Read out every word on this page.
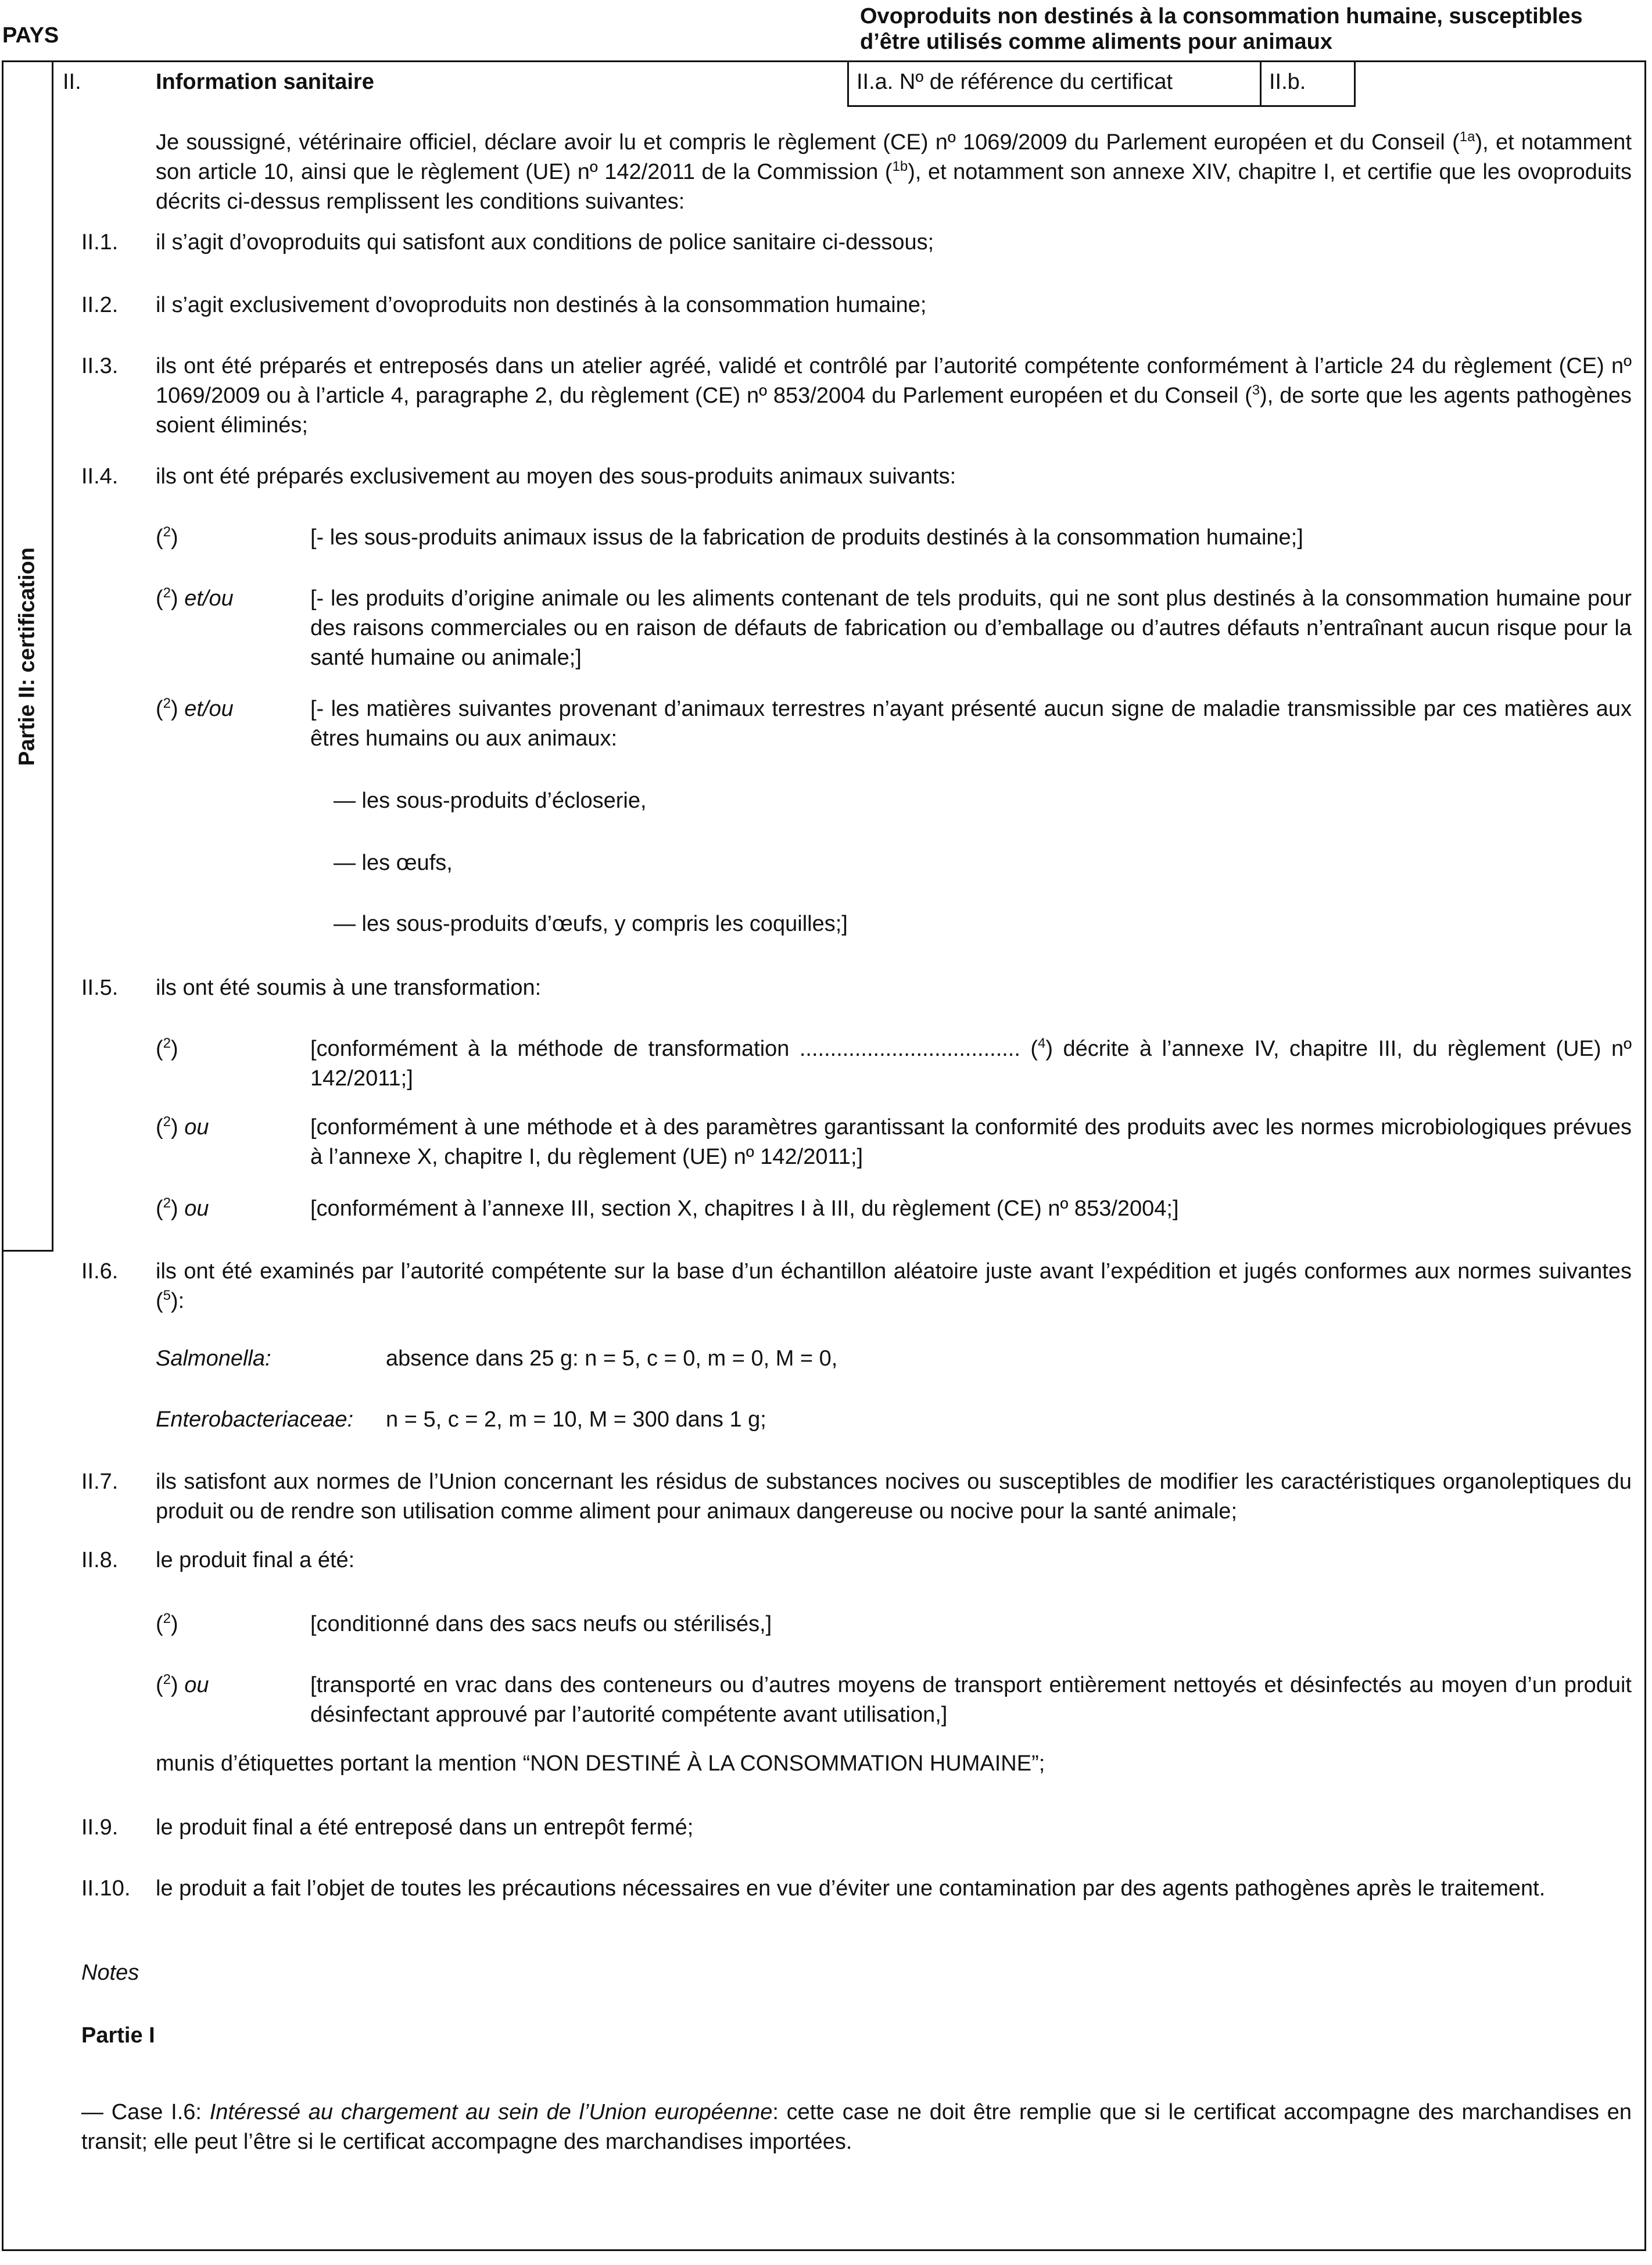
PAYS
Ovoproduits non destinés à la consommation humaine, susceptibles
d’être utilisés comme aliments pour animaux
Partie II: certification
II.	Information sanitaire	II.a. Nº de référence du certificat	II.b.
Je soussigné, vétérinaire officiel, déclare avoir lu et compris le règlement (CE) nº 1069/2009 du Parlement européen et du Conseil ($^{1a}$), et notamment son article 10, ainsi que le règlement (UE) nº 142/2011 de la Commission ($^{1b}$), et notamment son annexe XIV, chapitre I, et certifie que les ovoproduits décrits ci-dessus remplissent les conditions suivantes:
II.1. il s’agit d’ovoproduits qui satisfont aux conditions de police sanitaire ci-dessous;
II.2. il s’agit exclusivement d’ovoproduits non destinés à la consommation humaine;
II.3. ils ont été préparés et entreposés dans un atelier agréé, validé et contrôlé par l’autorité compétente conformément à l’article 24 du règlement (CE) nº 1069/2009 ou à l’article 4, paragraphe 2, du règlement (CE) nº 853/2004 du Parlement européen et du Conseil ($^3$), de sorte que les agents pathogènes soient éliminés;
II.4. ils ont été préparés exclusivement au moyen des sous-produits animaux suivants:
($^2$)	[- les sous-produits animaux issus de la fabrication de produits destinés à la consommation humaine;]
($^2$) et/ou	[- les produits d’origine animale ou les aliments contenant de tels produits, qui ne sont plus destinés à la consommation humaine pour des raisons commerciales ou en raison de défauts de fabrication ou d’emballage ou d’autres défauts n’entraînant aucun risque pour la santé humaine ou animale;]
($^2$) et/ou	[- les matières suivantes provenant d’animaux terrestres n’ayant présenté aucun signe de maladie transmissible par ces matières aux êtres humains ou aux animaux:
— les sous-produits d’écloserie,
— les œufs,
— les sous-produits d’œufs, y compris les coquilles;]
II.5. ils ont été soumis à une transformation:
($^2$)	[conformément à la méthode de transformation .................................... ($^4$) décrite à l’annexe IV, chapitre III, du règlement (UE) nº 142/2011;]
($^2$) ou	[conformément à une méthode et à des paramètres garantissant la conformité des produits avec les normes microbiologiques prévues à l’annexe X, chapitre I, du règlement (UE) nº 142/2011;]
($^2$) ou	[conformément à l’annexe III, section X, chapitres I à III, du règlement (CE) nº 853/2004;]
II.6. ils ont été examinés par l’autorité compétente sur la base d’un échantillon aléatoire juste avant l’expédition et jugés conformes aux normes suivantes ($^5$):
Salmonella:	absence dans 25 g: n = 5, c = 0, m = 0, M = 0,
Enterobacteriaceae: n = 5, c = 2, m = 10, M = 300 dans 1 g;
II.7. ils satisfont aux normes de l’Union concernant les résidus de substances nocives ou susceptibles de modifier les caractéristiques organoleptiques du produit ou de rendre son utilisation comme aliment pour animaux dangereuse ou nocive pour la santé animale;
II.8. le produit final a été:
($^2$)	[conditionné dans des sacs neufs ou stérilisés,]
($^2$) ou	[transporté en vrac dans des conteneurs ou d’autres moyens de transport entièrement nettoyés et désinfectés au moyen d’un produit désinfectant approuvé par l’autorité compétente avant utilisation,]
munis d’étiquettes portant la mention “NON DESTINÉ À LA CONSOMMATION HUMAINE”;
II.9. le produit final a été entreposé dans un entrepôt fermé;
II.10. le produit a fait l’objet de toutes les précautions nécessaires en vue d’éviter une contamination par des agents pathogènes après le traitement.
Notes
Partie I
— Case I.6: Intéressé au chargement au sein de l’Union européenne: cette case ne doit être remplie que si le certificat accompagne des marchandises en transit; elle peut l’être si le certificat accompagne des marchandises importées.
